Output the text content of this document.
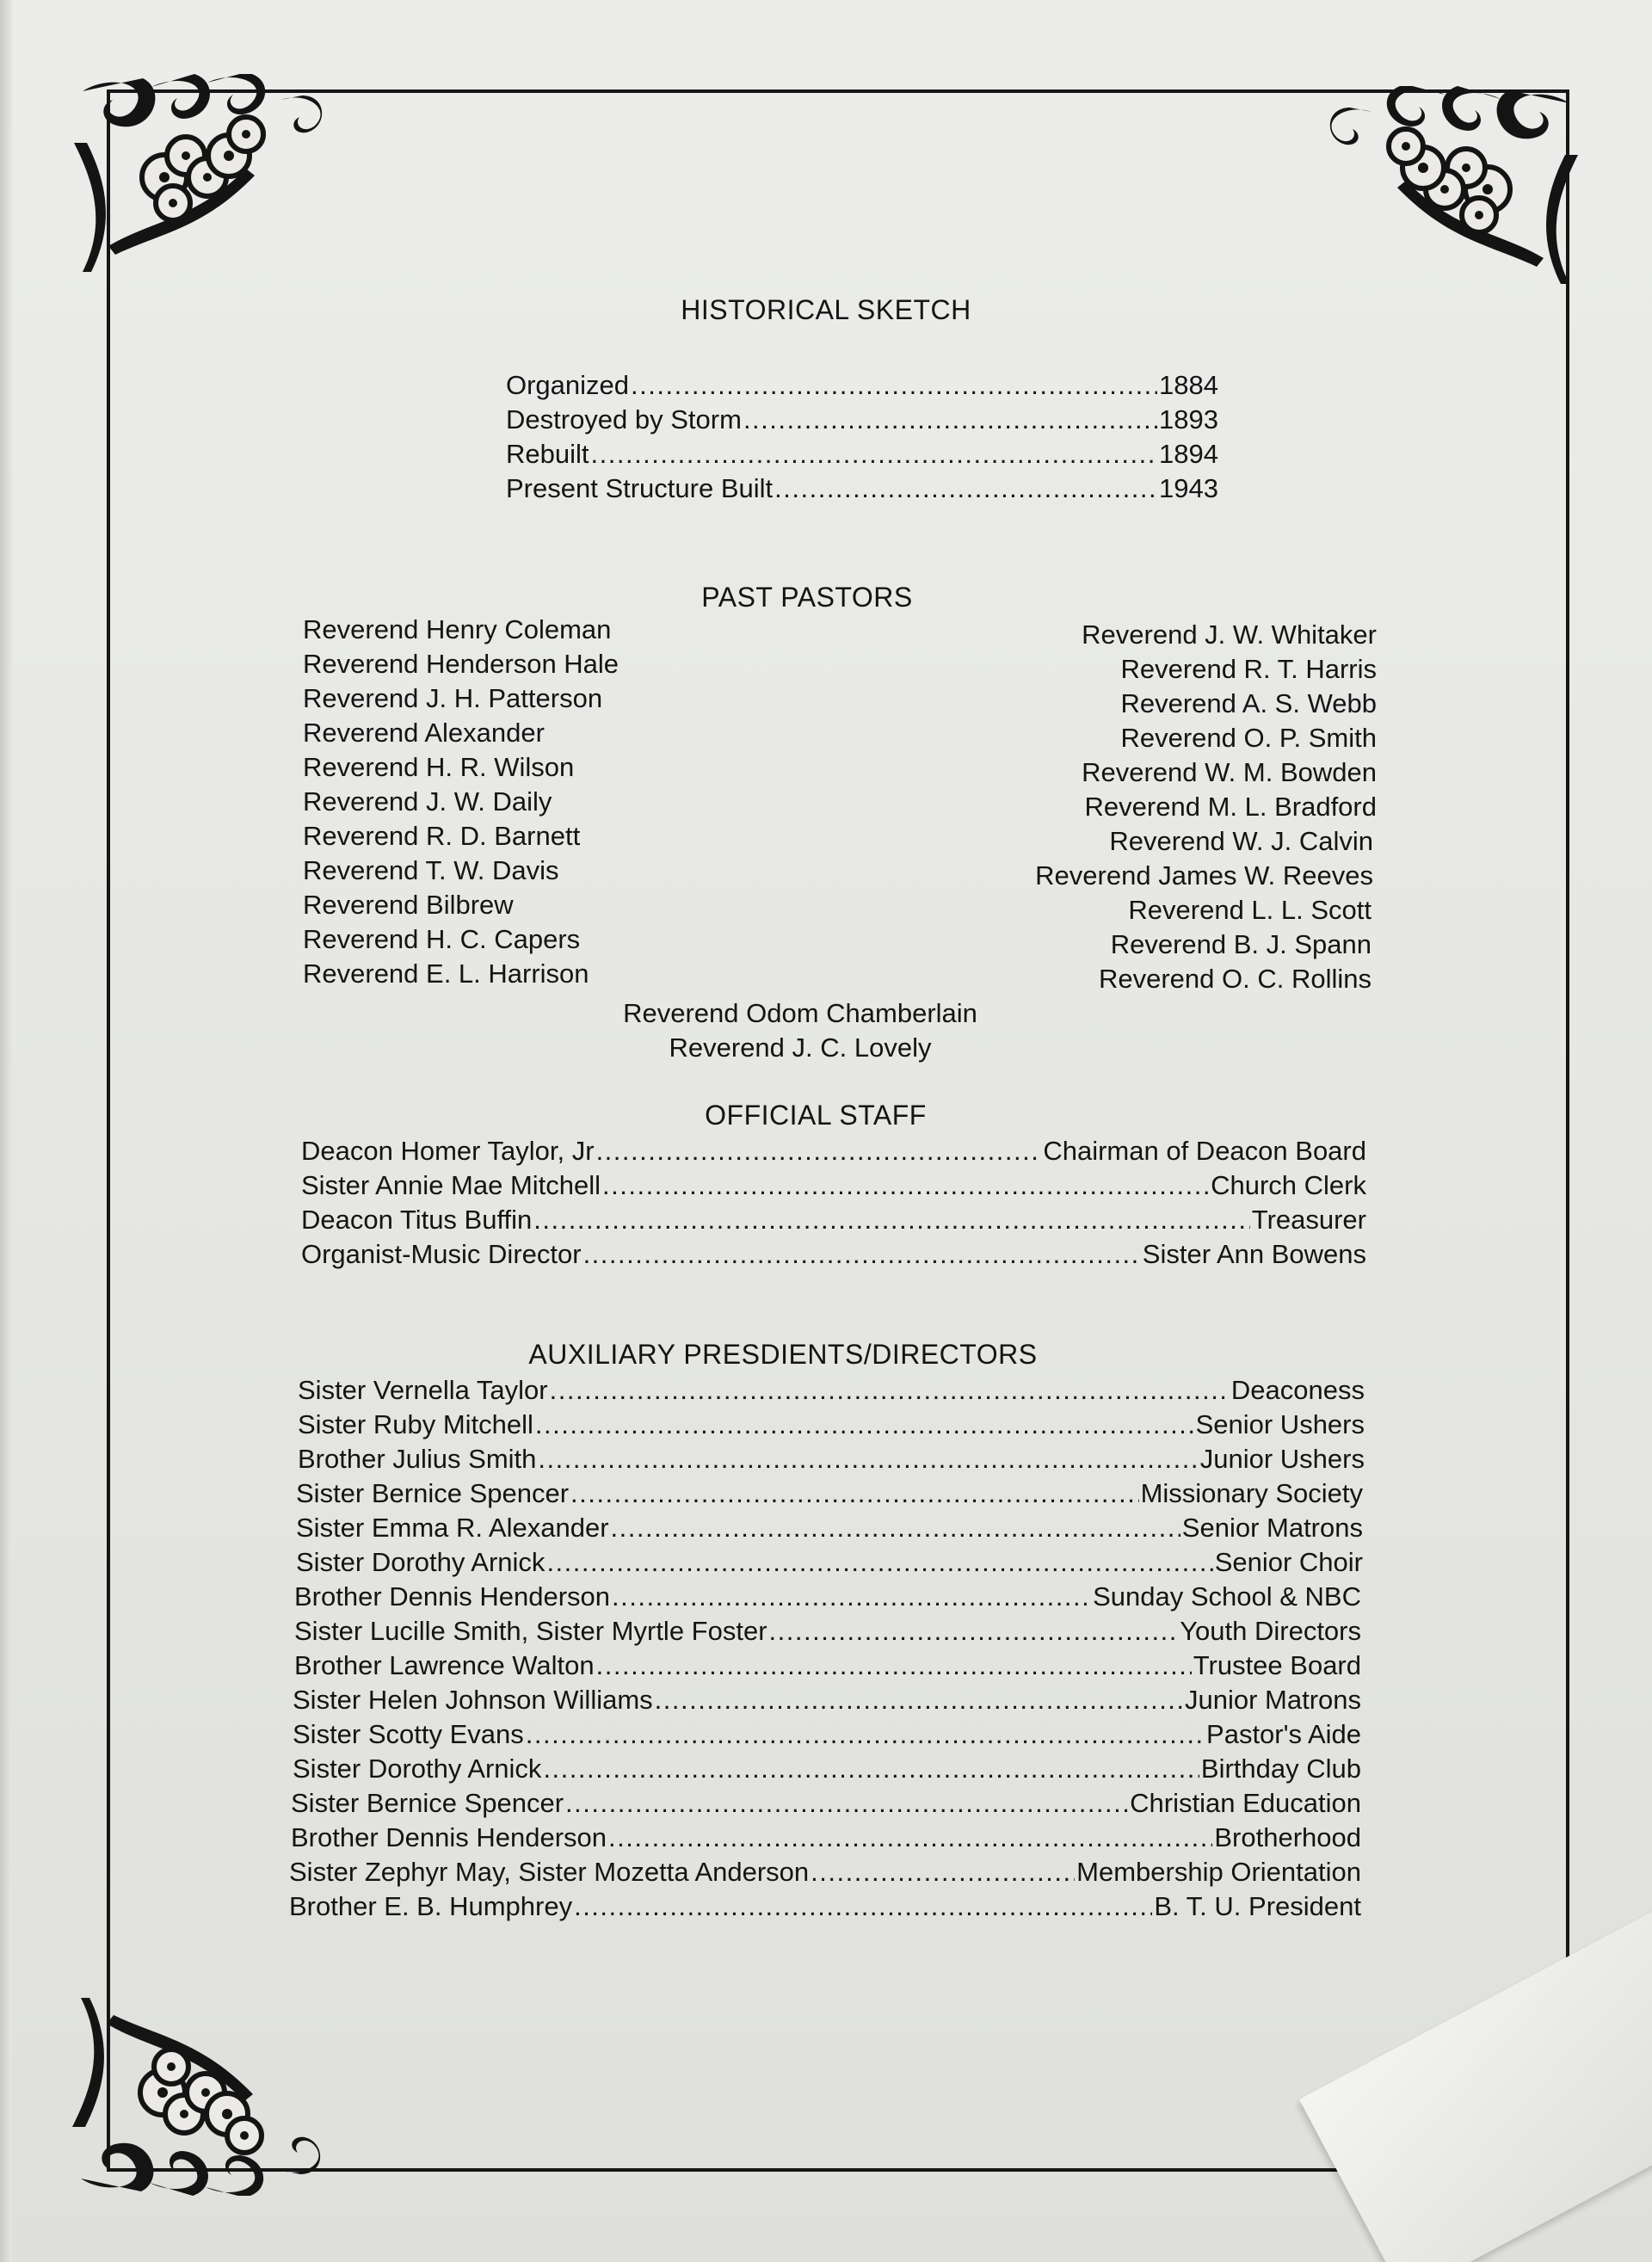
HISTORICAL SKETCH
Organized .....	1884
Destroyed by Storm .....	1893
Rebuilt .....	1894
Present Structure Built .....	1943
PAST PASTORS
Reverend Henry Coleman
Reverend Henderson Hale
Reverend J. H. Patterson
Reverend Alexander
Reverend H. R. Wilson
Reverend J. W. Daily
Reverend R. D. Barnett
Reverend T. W. Davis
Reverend Bilbrew
Reverend H. C. Capers
Reverend E. L. Harrison
Reverend J. W. Whitaker
Reverend R. T. Harris
Reverend A. S. Webb
Reverend O. P. Smith
Reverend W. M. Bowden
Reverend M. L. Bradford
Reverend W. J. Calvin
Reverend James W. Reeves
Reverend L. L. Scott
Reverend B. J. Spann
Reverend O. C. Rollins
Reverend Odom Chamberlain
Reverend J. C. Lovely
OFFICIAL STAFF
Deacon Homer Taylor, Jr .....	Chairman of Deacon Board
Sister Annie Mae Mitchell .....	Church Clerk
Deacon Titus Buffin .....	Treasurer
Organist-Music Director .....	Sister Ann Bowens
AUXILIARY PRESDIENTS/DIRECTORS
Sister Vernella Taylor .....	Deaconess
Sister Ruby Mitchell .....	Senior Ushers
Brother Julius Smith .....	Junior Ushers
Sister Bernice Spencer .....	Missionary Society
Sister Emma R. Alexander .....	Senior Matrons
Sister Dorothy Arnick .....	Senior Choir
Brother Dennis Henderson .....	Sunday School & NBC
Sister Lucille Smith, Sister Myrtle Foster .....	Youth Directors
Brother Lawrence Walton .....	Trustee Board
Sister Helen Johnson Williams .....	Junior Matrons
Sister Scotty Evans .....	Pastor's Aide
Sister Dorothy Arnick .....	Birthday Club
Sister Bernice Spencer .....	Christian Education
Brother Dennis Henderson .....	Brotherhood
Sister Zephyr May, Sister Mozetta Anderson .....	Membership Orientation
Brother E. B. Humphrey .....	B. T. U. President
